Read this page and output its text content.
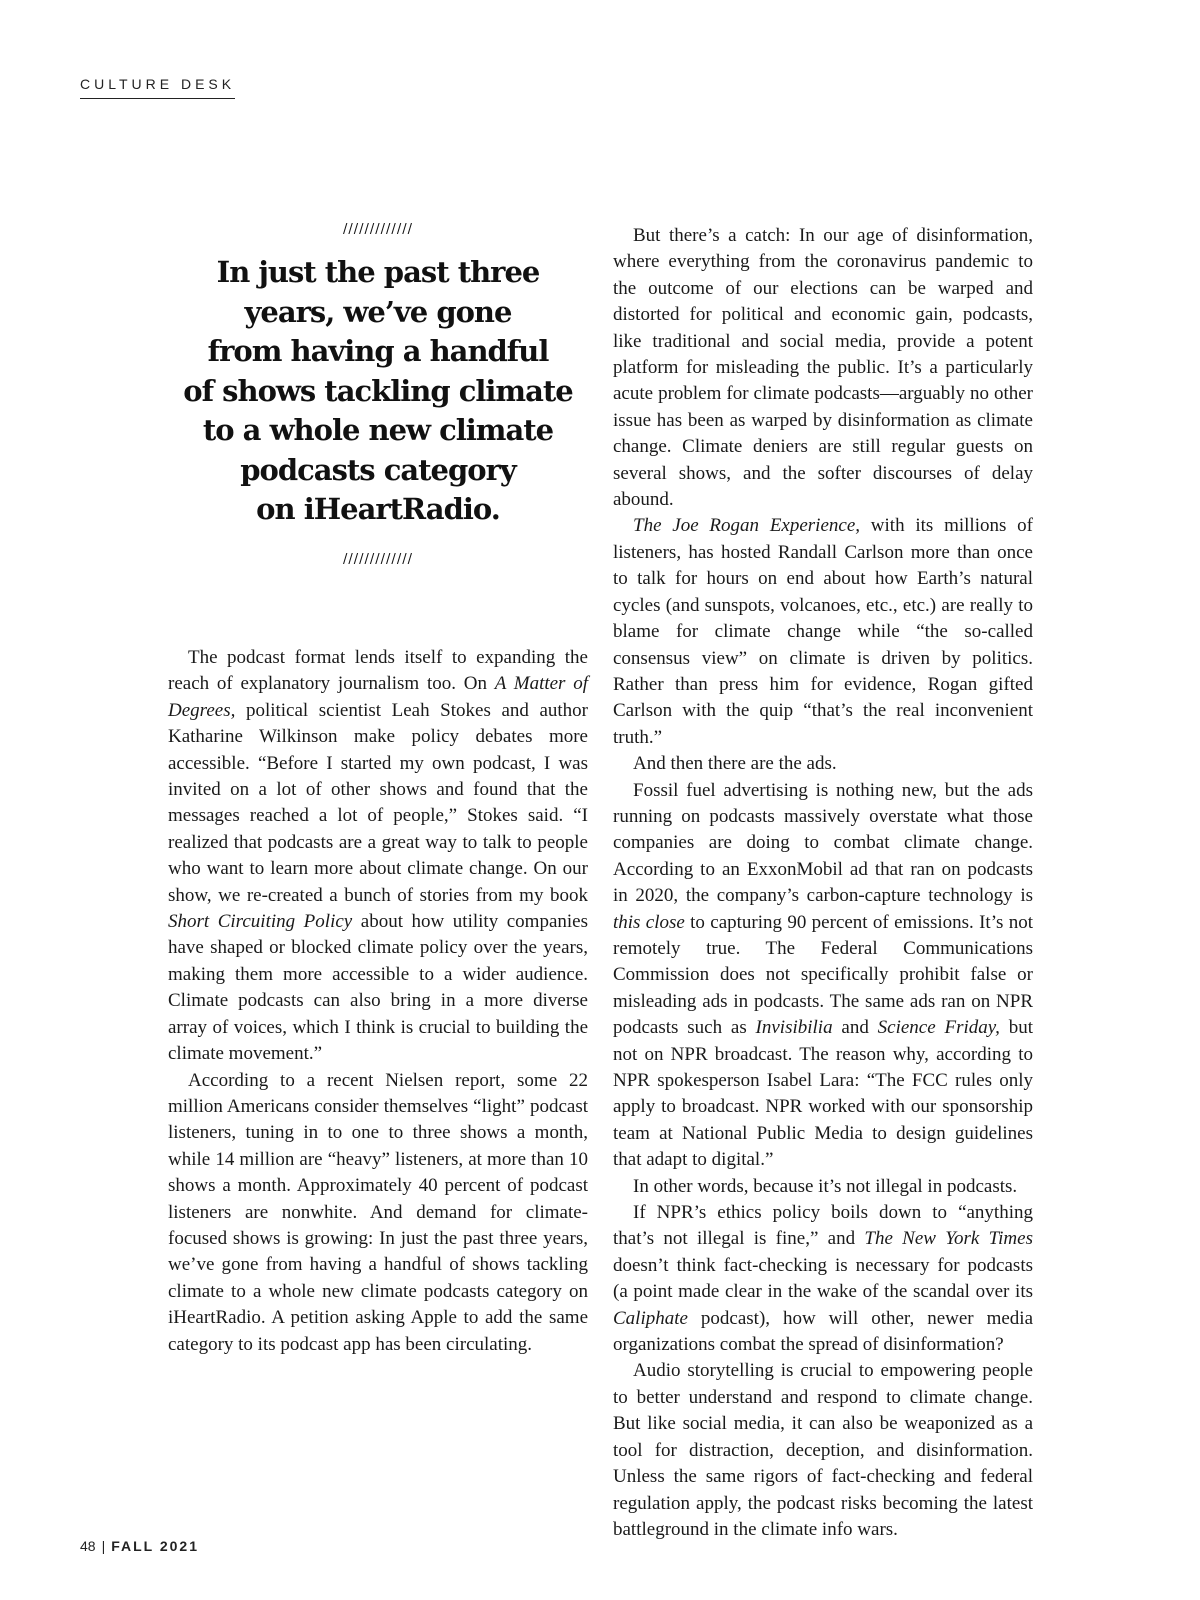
CULTURE DESK
/////////////
In just the past three
years, we’ve gone
from having a handful
of shows tackling climate
to a whole new climate
podcasts category
on iHeartRadio.
/////////////

The podcast format lends itself to expanding the reach of explanatory journalism too. On A Matter of Degrees, political scientist Leah Stokes and author Katharine Wilkinson make policy debates more accessible. “Before I started my own podcast, I was invited on a lot of other shows and found that the messages reached a lot of people,” Stokes said. “I realized that podcasts are a great way to talk to people who want to learn more about climate change. On our show, we re-created a bunch of stories from my book Short Circuiting Policy about how utility companies have shaped or blocked climate policy over the years, making them more accessible to a wider audience. Climate podcasts can also bring in a more diverse array of voices, which I think is crucial to building the climate movement.”

According to a recent Nielsen report, some 22 million Americans consider themselves “light” podcast listeners, tuning in to one to three shows a month, while 14 million are “heavy” listeners, at more than 10 shows a month. Approximately 40 percent of podcast listeners are nonwhite. And demand for climate-focused shows is growing: In just the past three years, we’ve gone from having a handful of shows tackling climate to a whole new climate podcasts category on iHeartRadio. A petition asking Apple to add the same category to its podcast app has been circulating.

But there’s a catch: In our age of disinformation, where everything from the coronavirus pandemic to the outcome of our elections can be warped and distorted for political and economic gain, podcasts, like traditional and social media, provide a potent platform for misleading the public. It’s a particularly acute problem for climate podcasts—arguably no other issue has been as warped by disinformation as climate change. Climate deniers are still regular guests on several shows, and the softer discourses of delay abound.

The Joe Rogan Experience, with its millions of listeners, has hosted Randall Carlson more than once to talk for hours on end about how Earth’s natural cycles (and sunspots, volcanoes, etc., etc.) are really to blame for climate change while “the so-called consensus view” on climate is driven by politics. Rather than press him for evidence, Rogan gifted Carlson with the quip “that’s the real inconvenient truth.”

And then there are the ads.

Fossil fuel advertising is nothing new, but the ads running on podcasts massively overstate what those companies are doing to combat climate change. According to an ExxonMobil ad that ran on podcasts in 2020, the company’s carbon-capture technology is this close to capturing 90 percent of emissions. It’s not remotely true. The Federal Communications Commission does not specifically prohibit false or misleading ads in podcasts. The same ads ran on NPR podcasts such as Invisibilia and Science Friday, but not on NPR broadcast. The reason why, according to NPR spokesperson Isabel Lara: “The FCC rules only apply to broadcast. NPR worked with our sponsorship team at National Public Media to design guidelines that adapt to digital.”

In other words, because it’s not illegal in podcasts.

If NPR’s ethics policy boils down to “anything that’s not illegal is fine,” and The New York Times doesn’t think fact-checking is necessary for podcasts (a point made clear in the wake of the scandal over its Caliphate podcast), how will other, newer media organizations combat the spread of disinformation?

Audio storytelling is crucial to empowering people to better understand and respond to climate change. But like social media, it can also be weaponized as a tool for distraction, deception, and disinformation. Unless the same rigors of fact-checking and federal regulation apply, the podcast risks becoming the latest battleground in the climate info wars.

48 | FALL 2021
